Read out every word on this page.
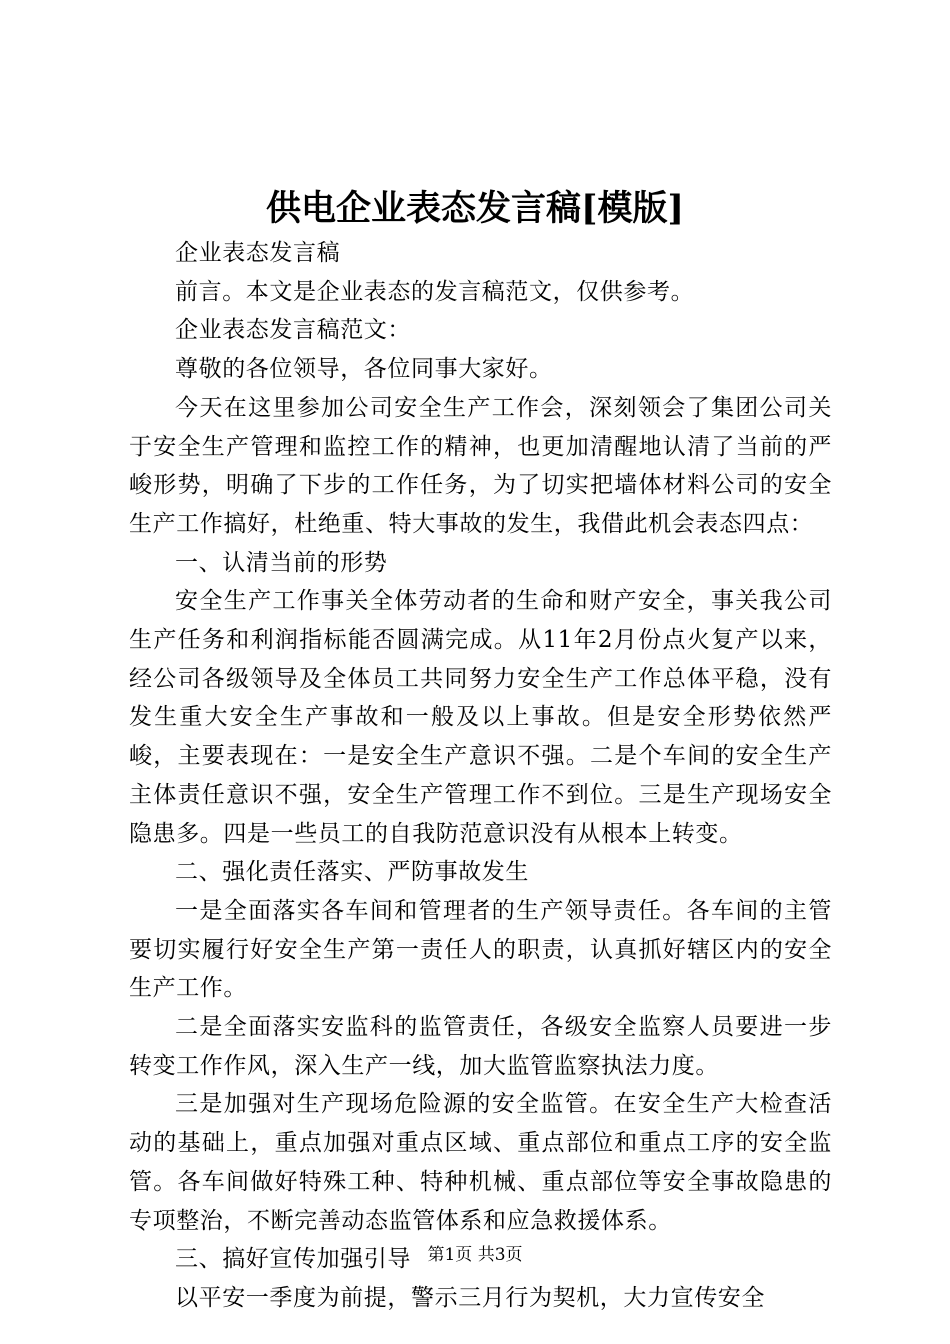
供电企业表态发言稿[模版]

企业表态发言稿

前言。本文是企业表态的发言稿范文，仅供参考。

企业表态发言稿范文：

尊敬的各位领导，各位同事大家好。

今天在这里参加公司安全生产工作会，深刻领会了集团公司关于安全生产管理和监控工作的精神，也更加清醒地认清了当前的严峻形势，明确了下步的工作任务，为了切实把墙体材料公司的安全生产工作搞好，杜绝重、特大事故的发生，我借此机会表态四点：

一、认清当前的形势

安全生产工作事关全体劳动者的生命和财产安全，事关我公司生产任务和利润指标能否圆满完成。从11年2月份点火复产以来，经公司各级领导及全体员工共同努力安全生产工作总体平稳，没有发生重大安全生产事故和一般及以上事故。但是安全形势依然严峻，主要表现在：一是安全生产意识不强。二是个车间的安全生产主体责任意识不强，安全生产管理工作不到位。三是生产现场安全隐患多。四是一些员工的自我防范意识没有从根本上转变。

二、强化责任落实、严防事故发生

一是全面落实各车间和管理者的生产领导责任。各车间的主管要切实履行好安全生产第一责任人的职责，认真抓好辖区内的安全生产工作。

二是全面落实安监科的监管责任，各级安全监察人员要进一步转变工作作风，深入生产一线，加大监管监察执法力度。

三是加强对生产现场危险源的安全监管。在安全生产大检查活动的基础上，重点加强对重点区域、重点部位和重点工序的安全监管。各车间做好特殊工种、特种机械、重点部位等安全事故隐患的专项整治，不断完善动态监管体系和应急救援体系。

三、搞好宣传加强引导

以平安一季度为前提，警示三月行为契机，大力宣传安全

第1页 共3页
